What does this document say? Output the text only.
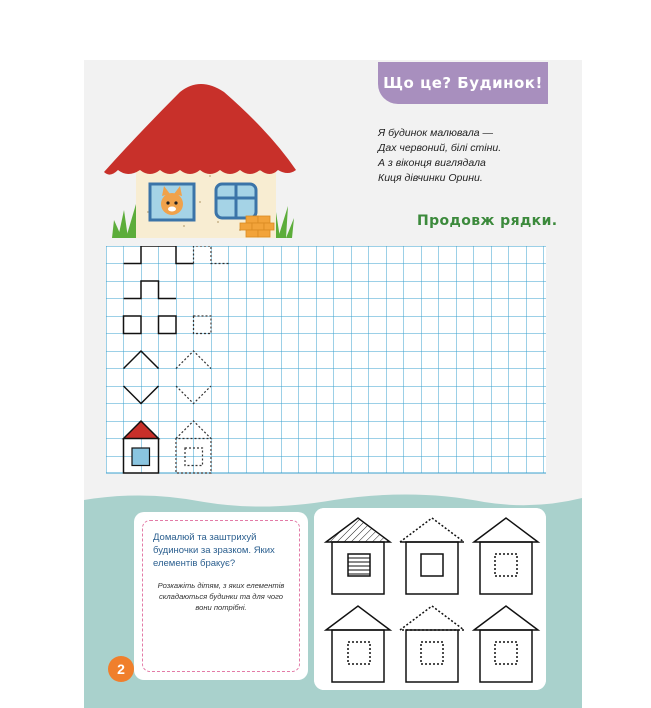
Що це? Будинок!
Я будинок малювала —
Дах червоний, білі стіни.
А з віконця виглядала
Киця дівчинки Орини.
Продовж рядки.
Домалюй та заштрихуй будиночки за зразком. Яких елементів бракує?
Розкажіть дітям, з яких елементів складаються будинки та для чого вони потрібні.
2
